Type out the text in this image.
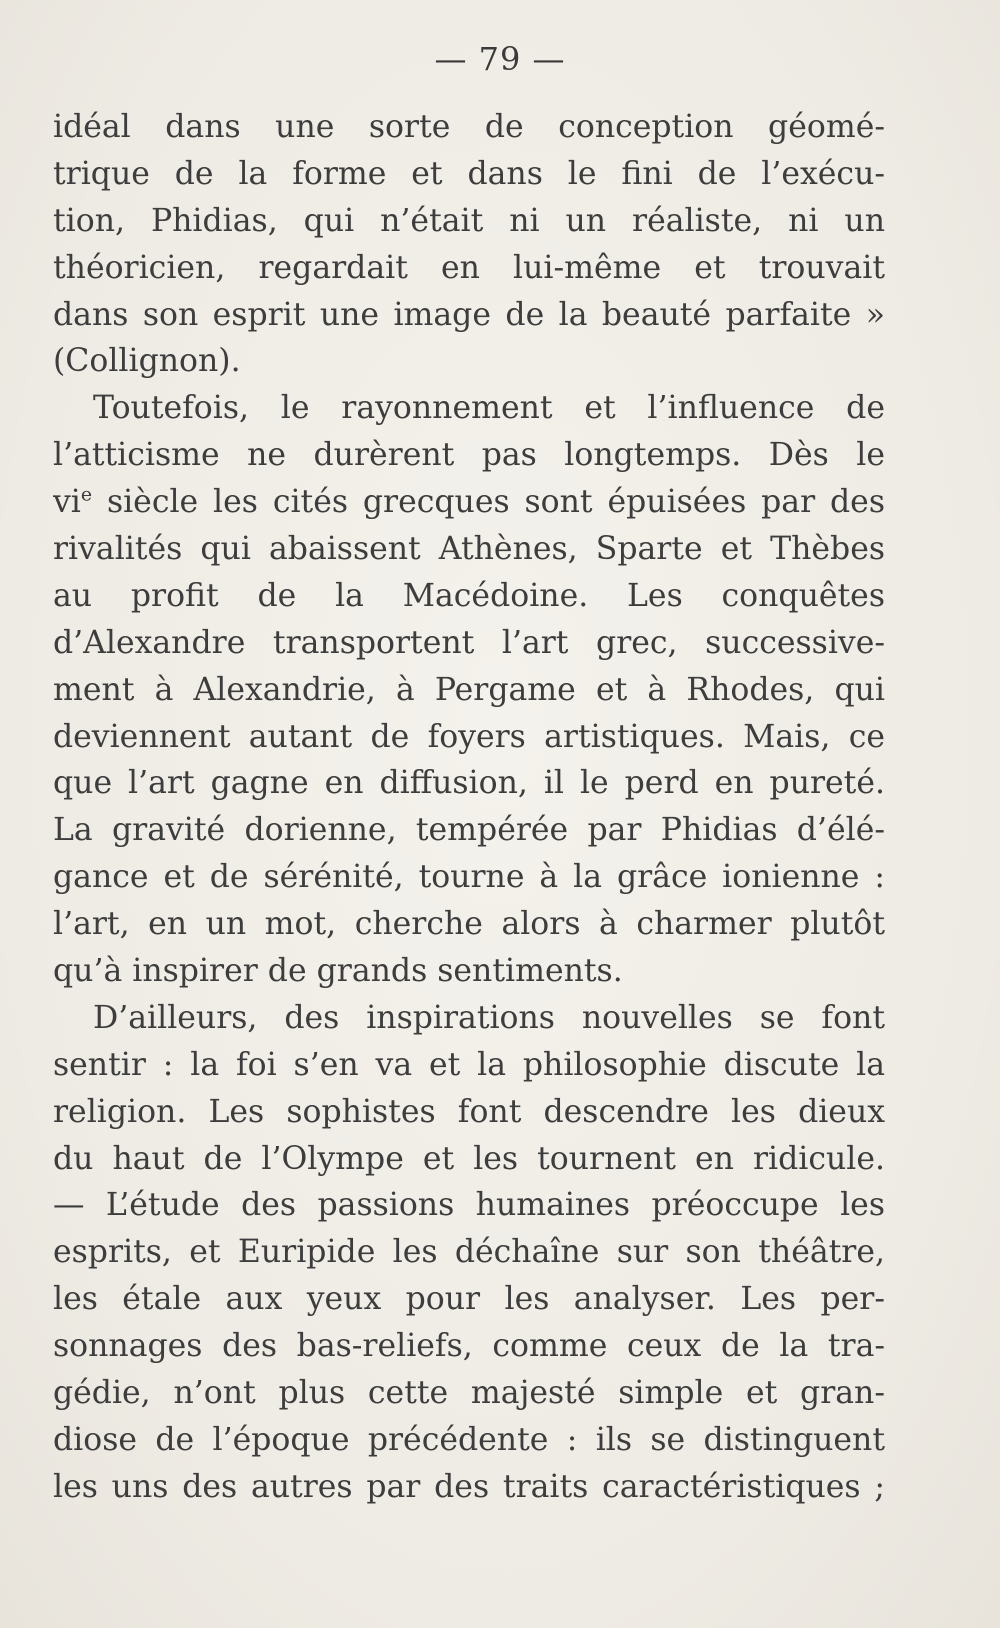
— 79 —
idéal dans une sorte de conception géomé-
trique de la forme et dans le fini de l’exécu-
tion, Phidias, qui n’était ni un réaliste, ni un
théoricien, regardait en lui-même et trouvait
dans son esprit une image de la beauté parfaite »
(Collignon).
Toutefois, le rayonnement et l’influence de
l’atticisme ne durèrent pas longtemps. Dès le
$vi^e$ siècle les cités grecques sont épuisées par des
rivalités qui abaissent Athènes, Sparte et Thèbes
au profit de la Macédoine. Les conquêtes
d’Alexandre transportent l’art grec, successive-
ment à Alexandrie, à Pergame et à Rhodes, qui
deviennent autant de foyers artistiques. Mais, ce
que l’art gagne en diffusion, il le perd en pureté.
La gravité dorienne, tempérée par Phidias d’élé-
gance et de sérénité, tourne à la grâce ionienne :
l’art, en un mot, cherche alors à charmer plutôt
qu’à inspirer de grands sentiments.
D’ailleurs, des inspirations nouvelles se font
sentir : la foi s’en va et la philosophie discute la
religion. Les sophistes font descendre les dieux
du haut de l’Olympe et les tournent en ridicule.
— L’étude des passions humaines préoccupe les
esprits, et Euripide les déchaîne sur son théâtre,
les étale aux yeux pour les analyser. Les per-
sonnages des bas-reliefs, comme ceux de la tra-
gédie, n’ont plus cette majesté simple et gran-
diose de l’époque précédente : ils se distinguent
les uns des autres par des traits caractéristiques ;
